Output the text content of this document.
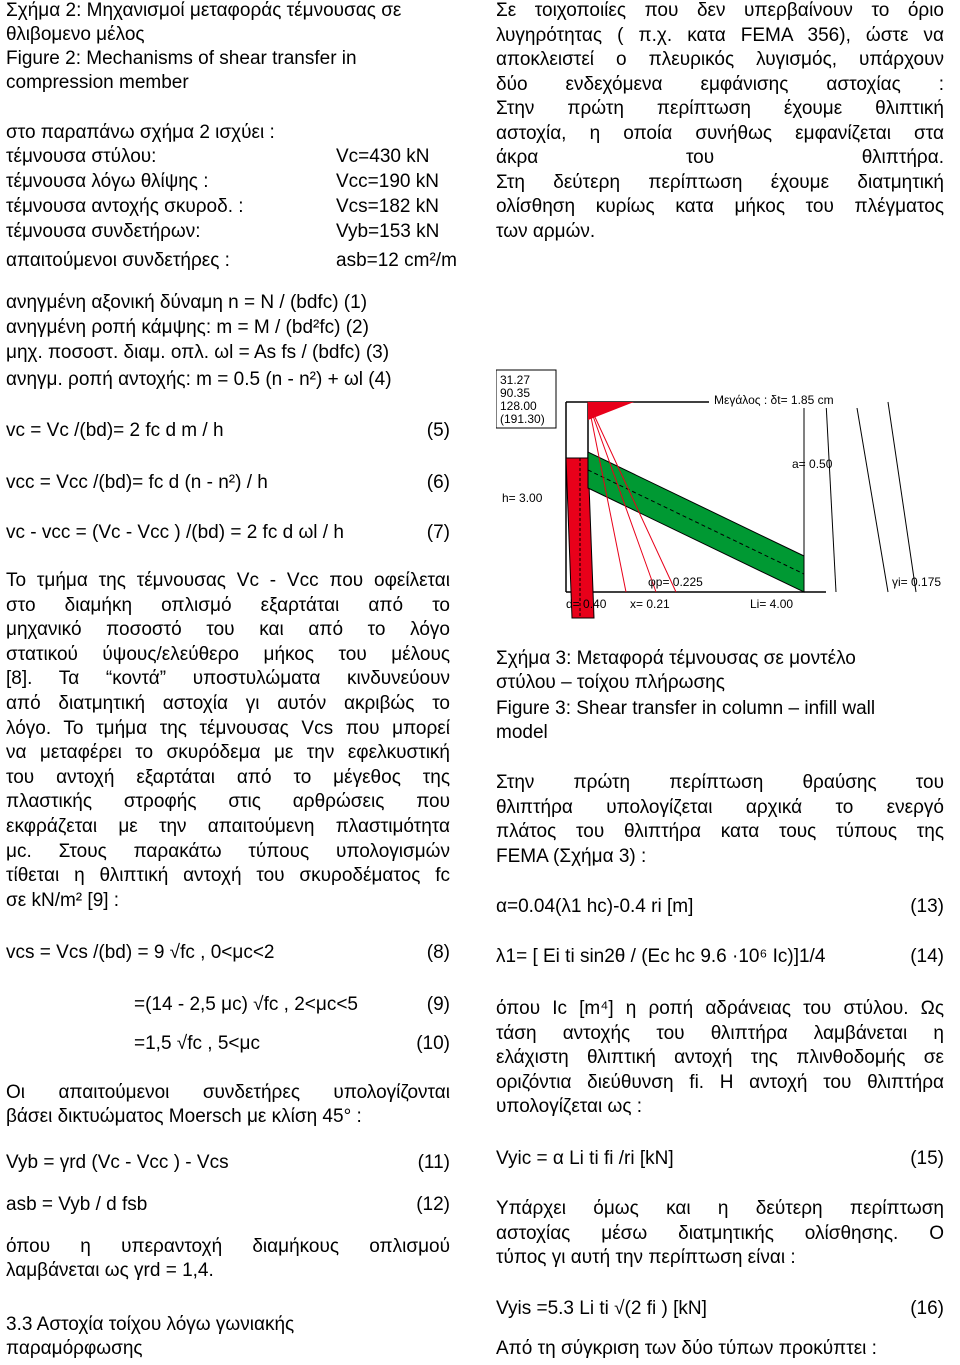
Σχήμα 2: Μηχανισμοί μεταφοράς τέμνουσας σε
θλιβομενο μέλος
Figure 2: Mechanisms of shear transfer in
compression member
στο παραπάνω σχήμα 2 ισχύει :
τέμνουσα στύλου:	Vc=430 kN
τέμνουσα λόγω θλίψης :	Vcc=190 kN
τέμνουσα αντοχής σκυροδ. :	Vcs=182 kN
τέμνουσα συνδετήρων:	Vyb=153 kN
απαιτούμενοι συνδετήρες :	asb=12 cm²/m
ανηγμένη αξονική δύναμη n = N / (bdfc) (1)
ανηγμένη ροπή κάμψης: m = M / (bd²fc) (2)
μηχ. ποσοστ. διαμ. οπλ. ωl = As fs / (bdfc) (3)
ανηγμ. ροπή αντοχής: m = 0.5 (n - n²) + ωl (4)
vc = Vc /(bd)= 2 fc d m / h	(5)
vcc = Vcc /(bd)= fc d (n - n²) / h	(6)
vc - vcc = (Vc - Vcc ) /(bd) = 2 fc d ωl / h	(7)
Το τμήμα της τέμνουσας Vc - Vcc που οφείλεται
στο διαμήκη οπλισμό εξαρτάται από το
μηχανικό ποσοστό του και από το λόγο
στατικού ύψους/ελεύθερο μήκος του μέλους
[8]. Τα “κοντά” υποστυλώματα κινδυνεύουν
από διατμητική αστοχία γι αυτόν ακριβώς το
λόγο. Το τμήμα της τέμνουσας Vcs που μπορεί
να μεταφέρει το σκυρόδεμα με την εφελκυστική
του αντοχή εξαρτάται από το μέγεθος της
πλαστικής στροφής στις αρθρώσεις που
εκφράζεται με την απαιτούμενη πλαστιμότητα
μc. Στους παρακάτω τύπους υπολογισμών
τίθεται η θλιπτική αντοχή του σκυροδέματος fc
σε kN/m² [9] :
vcs = Vcs /(bd) = 9 √fc , 0<μc<2	(8)
=(14 - 2,5 μc) √fc , 2<μc<5	(9)
=1,5 √fc , 5<μc	(10)
Οι απαιτούμενοι συνδετήρες υπολογίζονται
βάσει δικτυώματος Moersch με κλίση 45° :
Vyb = γrd (Vc - Vcc ) - Vcs	(11)
asb = Vyb / d fsb	(12)
όπου η υπεραντοχή διαμήκους οπλισμού
λαμβάνεται ως γrd = 1,4.
3.3 Αστοχία τοίχου λόγω γωνιακής
παραμόρφωσης
Σε τοιχοποιίες που δεν υπερβαίνουν το όριο
λυγηρότητας ( π.χ. κατα FEMA 356), ώστε να
αποκλειστεί ο πλευρικός λυγισμός, υπάρχουν
δύο ενδεχόμενα εμφάνισης αστοχίας :
Στην πρώτη περίπτωση έχουμε θλιπτική
αστοχία, η οποία συνήθως εμφανίζεται στα
άκρα του θλιπτήρα.
Στη δεύτερη περίπτωση έχουμε διατμητική
ολίσθηση κυρίως κατα μήκος του πλέγματος
των αρμών.
Σχήμα 3: Μεταφορά τέμνουσας σε μοντέλο
στύλου – τοίχου πλήρωσης
Figure 3: Shear transfer in column – infill wall
model
Στην πρώτη περίπτωση θραύσης του
θλιπτήρα υπολογίζεται αρχικά το ενεργό
πλάτος του θλιπτήρα κατα τους τύπους της
FEMA (Σχήμα 3) :
α=0.04(λ1 hc)-0.4 ri [m]	(13)
λ1= [ Ei ti sin2θ / (Ec hc 9.6 ·10⁶ Ic)]1/4	(14)
όπου Ic [m⁴] η ροπή αδράνειας του στύλου. Ως
τάση αντοχής του θλιπτήρα λαμβάνεται η
ελάχιστη θλιπτική αντοχή της πλινθοδομής σε
οριζόντια διεύθυνση fi. Η αντοχή του θλιπτήρα
υπολογίζεται ως :
Vyic = α Li ti fi /ri [kN]	(15)
Υπάρχει όμως και η δεύτερη περίπτωση
αστοχίας μέσω διατμητικής ολίσθησης. Ο
τύπος γι αυτή την περίπτωση είναι :
Vyis =5.3 Li ti √(2 fi ) [kN]	(16)
Από τη σύγκριση των δύο τύπων προκύπτει :
31.27
90.35
128.00
(191.30)
Μεγάλος : δt= 1.85 cm
a= 0.50
h= 3.00
φp= 0.225	γi= 0.175
d= 0.40 x= 0.21	Li= 4.00
